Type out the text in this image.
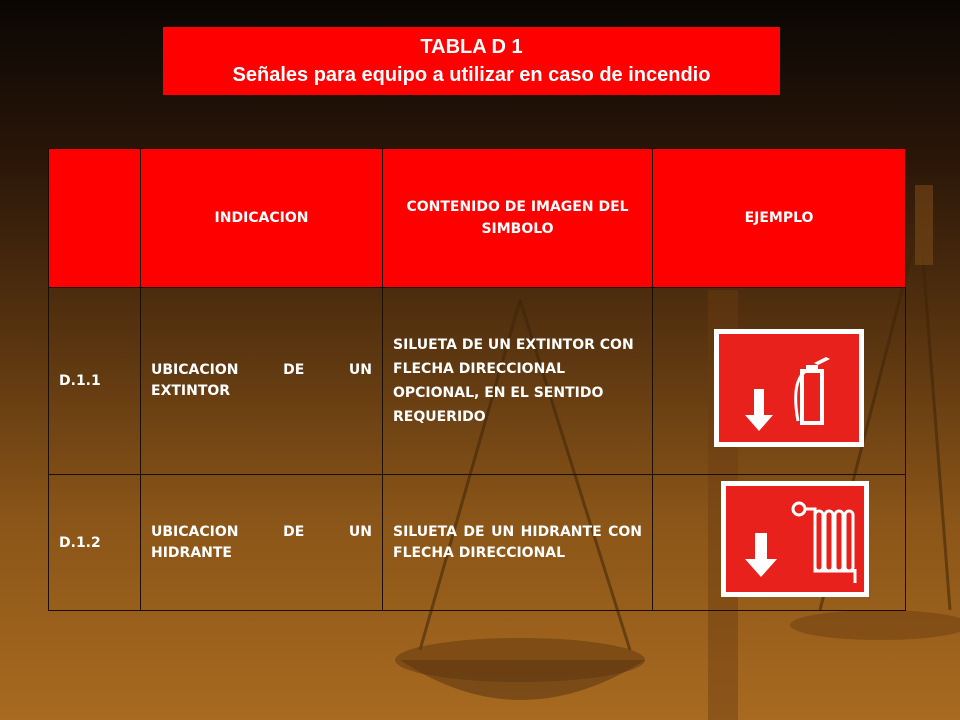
TABLA D 1
Señales para equipo a utilizar en caso de incendio
	INDICACION	CONTENIDO DE IMAGEN DEL SIMBOLO	EJEMPLO
D.1.1	UBICACION DE UN EXTINTOR	SILUETA DE UN EXTINTOR CON FLECHA DIRECCIONAL OPCIONAL, EN EL SENTIDO REQUERIDO	
D.1.2	UBICACION DE UN HIDRANTE	SILUETA DE UN HIDRANTE CON FLECHA DIRECCIONAL	
